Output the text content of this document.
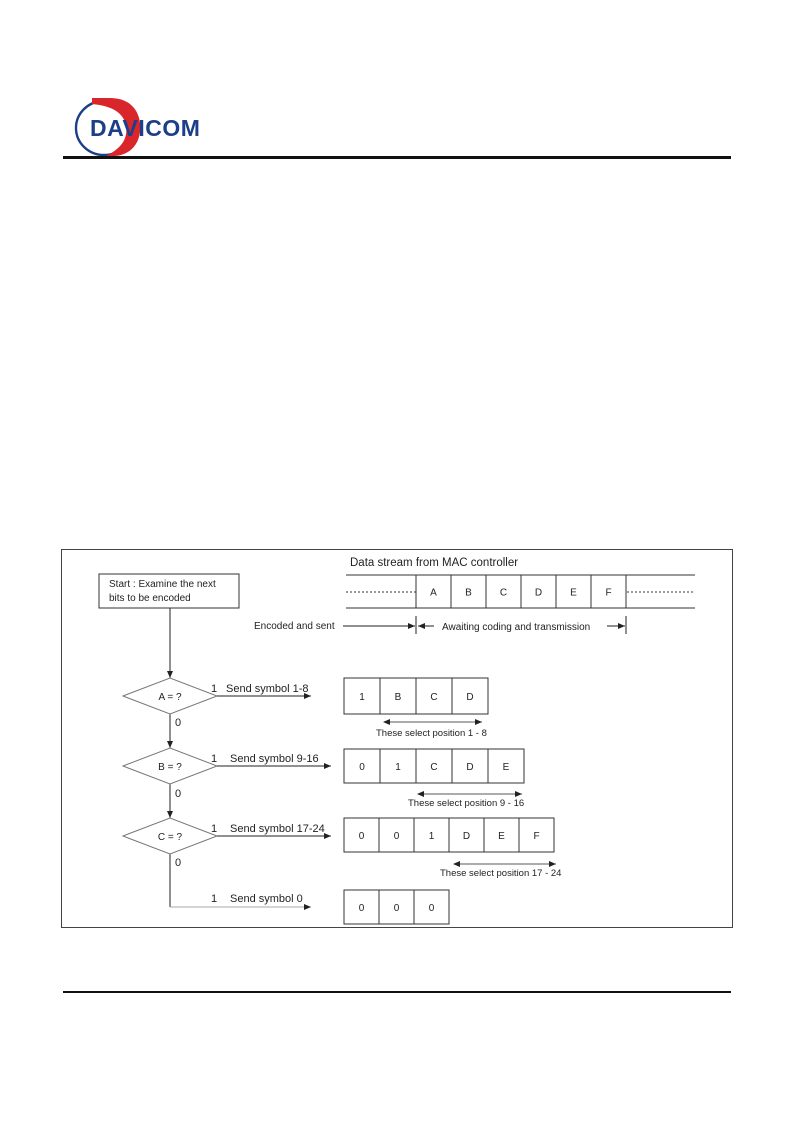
DAVICOM
Data stream from MAC controller
Start : Examine the next
bits to be encoded	A	B	C	D	E	F
Encoded and sent	Awaiting coding and transmission
A = ?
1 Send symbol 1-8
0
1	B	C	D
These select position 1 - 8
B = ?
1 Send symbol 9-16
0
0	1	C	D	E
These select position 9 - 16
C = ?
1 Send symbol 17-24
0
0	0	1	D	E	F
These select position 17 - 24
1 Send symbol 0
0	0	0
